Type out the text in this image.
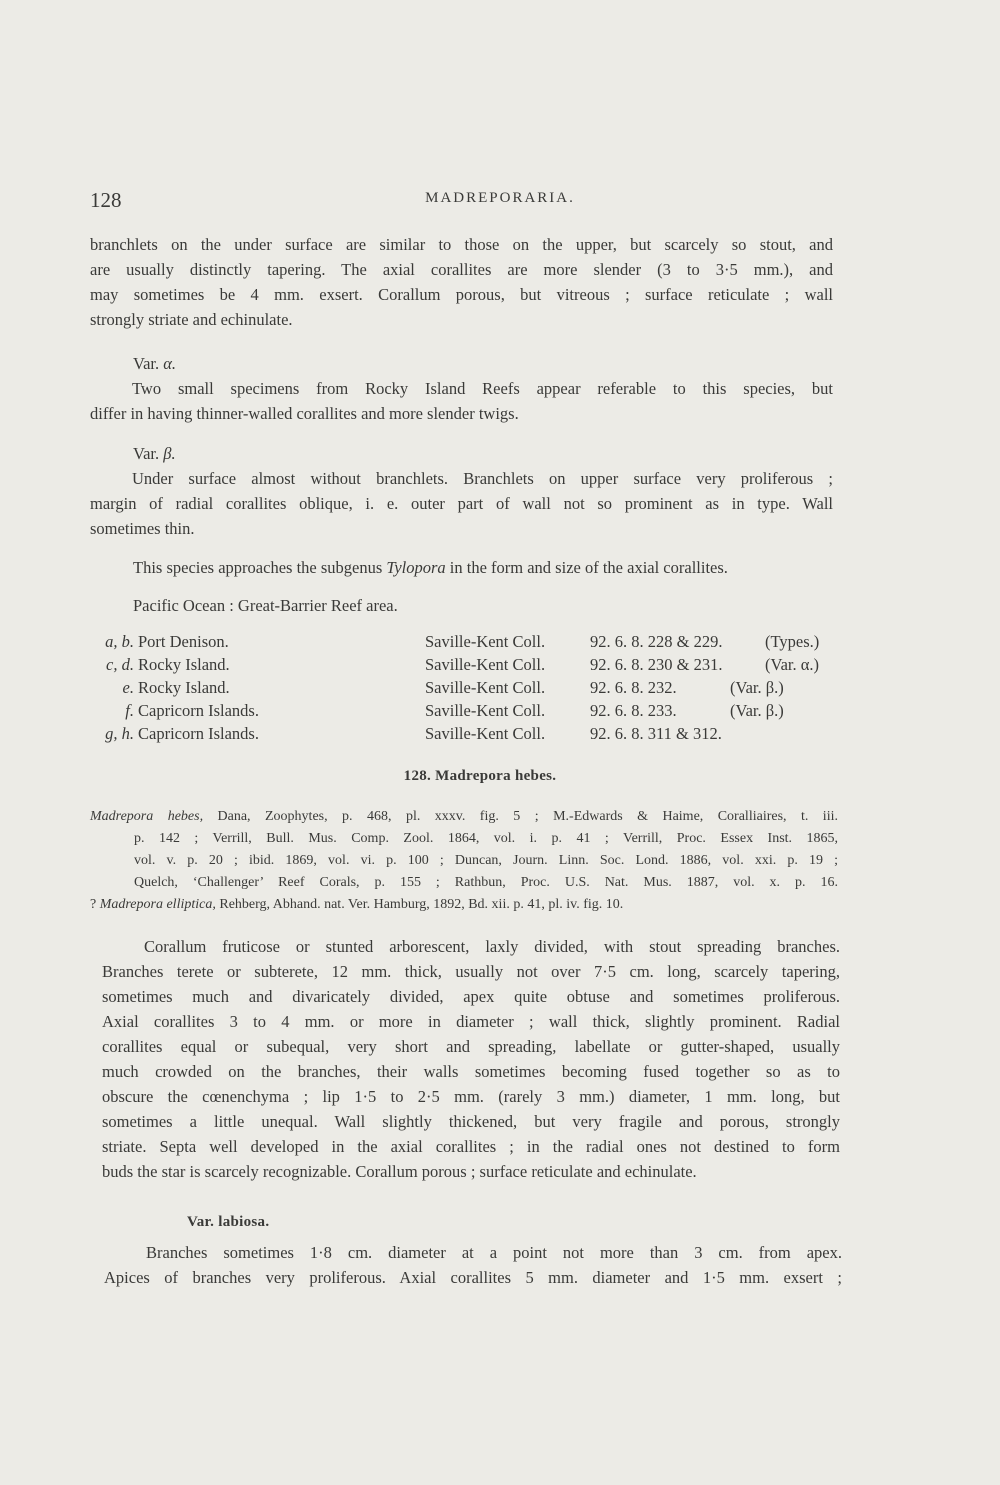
128	MADREPORARIA.
branchlets on the under surface are similar to those on the upper, but scarcely so stout, and
are usually distinctly tapering. The axial corallites are more slender (3 to 3·5 mm.), and
may sometimes be 4 mm. exsert. Corallum porous, but vitreous ; surface reticulate ; wall
strongly striate and echinulate.
Var. α.
Two small specimens from Rocky Island Reefs appear referable to this species, but
differ in having thinner-walled corallites and more slender twigs.
Var. β.
Under surface almost without branchlets. Branchlets on upper surface very proliferous ;
margin of radial corallites oblique, i. e. outer part of wall not so prominent as in type. Wall
sometimes thin.
This species approaches the subgenus Tylopora in the form and size of the axial corallites.
Pacific Ocean : Great-Barrier Reef area.
a, b. Port Denison.	Saville-Kent Coll.	92. 6. 8. 228 & 229.	(Types.)
c, d. Rocky Island.	Saville-Kent Coll.	92. 6. 8. 230 & 231.	(Var. α.)
e. Rocky Island.	Saville-Kent Coll.	92. 6. 8. 232.	(Var. β.)
f. Capricorn Islands.	Saville-Kent Coll.	92. 6. 8. 233.	(Var. β.)
g, h. Capricorn Islands.	Saville-Kent Coll.	92. 6. 8. 311 & 312.
128. Madrepora hebes.
Madrepora hebes, Dana, Zoophytes, p. 468, pl. xxxv. fig. 5 ; M.-Edwards & Haime, Coralliaires, t. iii.
p. 142 ; Verrill, Bull. Mus. Comp. Zool. 1864, vol. i. p. 41 ; Verrill, Proc. Essex Inst. 1865,
vol. v. p. 20 ; ibid. 1869, vol. vi. p. 100 ; Duncan, Journ. Linn. Soc. Lond. 1886, vol. xxi. p. 19 ;
Quelch, ‘Challenger’ Reef Corals, p. 155 ; Rathbun, Proc. U.S. Nat. Mus. 1887, vol. x. p. 16.
? Madrepora elliptica, Rehberg, Abhand. nat. Ver. Hamburg, 1892, Bd. xii. p. 41, pl. iv. fig. 10.
Corallum fruticose or stunted arborescent, laxly divided, with stout spreading branches.
Branches terete or subterete, 12 mm. thick, usually not over 7·5 cm. long, scarcely tapering,
sometimes much and divaricately divided, apex quite obtuse and sometimes proliferous.
Axial corallites 3 to 4 mm. or more in diameter ; wall thick, slightly prominent. Radial
corallites equal or subequal, very short and spreading, labellate or gutter-shaped, usually
much crowded on the branches, their walls sometimes becoming fused together so as to
obscure the cœnenchyma ; lip 1·5 to 2·5 mm. (rarely 3 mm.) diameter, 1 mm. long, but
sometimes a little unequal. Wall slightly thickened, but very fragile and porous, strongly
striate. Septa well developed in the axial corallites ; in the radial ones not destined to form
buds the star is scarcely recognizable. Corallum porous ; surface reticulate and echinulate.
Var. labiosa.
Branches sometimes 1·8 cm. diameter at a point not more than 3 cm. from apex.
Apices of branches very proliferous. Axial corallites 5 mm. diameter and 1·5 mm. exsert ;
